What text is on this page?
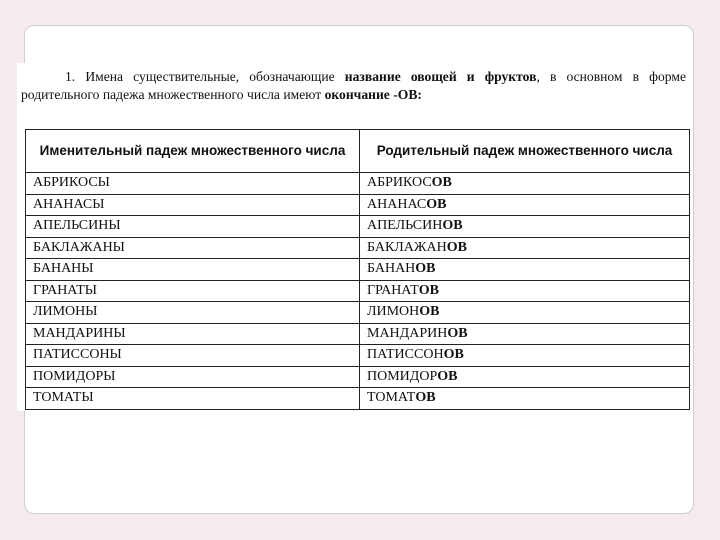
1. Имена существительные, обозначающие название овощей и фруктов, в основном в форме родительного падежа множественного числа имеют окончание -ОВ:

Именительный падеж множественного числа	Родительный падеж множественного числа
АБРИКОСЫ	АБРИКОСОВ
АНАНАСЫ	АНАНАСОВ
АПЕЛЬСИНЫ	АПЕЛЬСИНОВ
БАКЛАЖАНЫ	БАКЛАЖАНОВ
БАНАНЫ	БАНАНОВ
ГРАНАТЫ	ГРАНАТОВ
ЛИМОНЫ	ЛИМОНОВ
МАНДАРИНЫ	МАНДАРИНОВ
ПАТИССОНЫ	ПАТИССОНОВ
ПОМИДОРЫ	ПОМИДОРОВ
ТОМАТЫ	ТОМАТОВ
